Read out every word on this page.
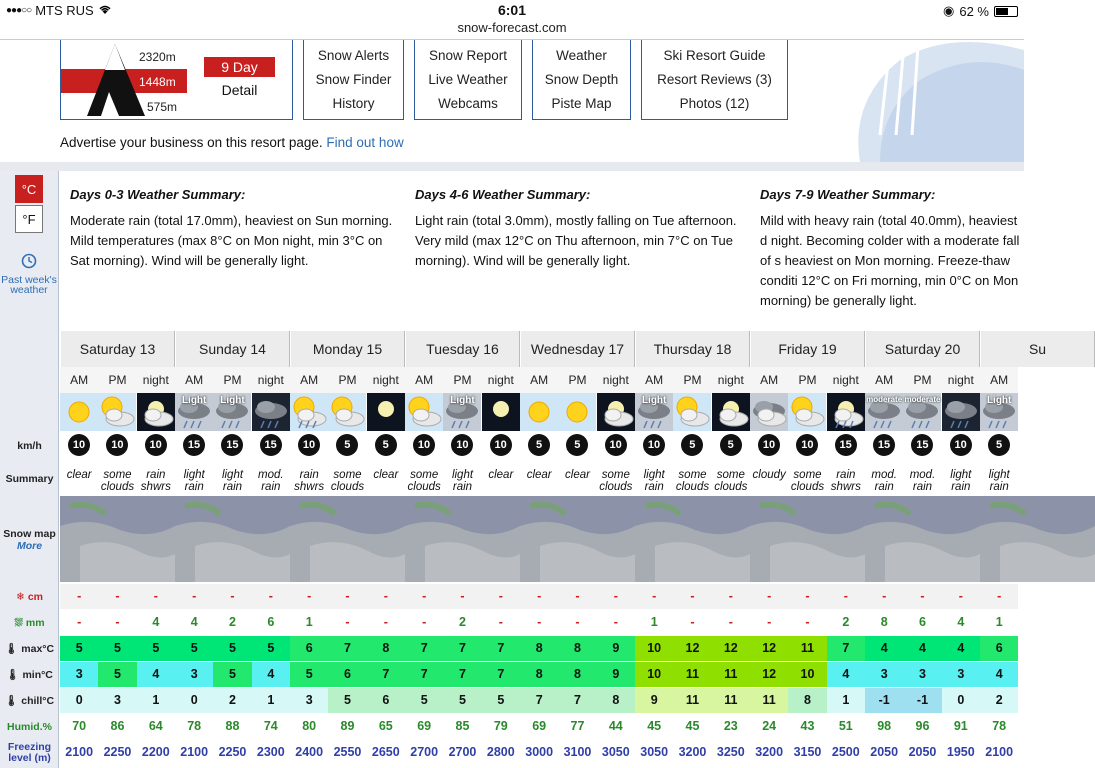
●●●○○ MTS RUS	6:01
snow-forecast.com
◉ 62 %
2320m
1448m
575m
9 Day
Detail
Snow Alerts
Snow Finder
History
Snow Report
Live Weather
Webcams
Weather
Snow Depth
Piste Map
Ski Resort Guide
Resort Reviews (3)
Photos (12)
Advertise your business on this resort page. Find out how
°C
°F
Past week's weather
km/h
Summary
Snow map
More
❄ cm
⛆ mm
🌡 max°C
🌡 min°C
🌡 chill°C
Humid.%
Freezing level (m)
Days 0-3 Weather Summary:

Moderate rain (total 17.0mm), heaviest on Sun morning. Mild temperatures (max 8°C on Mon night, min 3°C on Sat morning). Wind will be generally light.

Days 4-6 Weather Summary:

Light rain (total 3.0mm), mostly falling on Tue afternoon. Very mild (max 12°C on Thu afternoon, min 7°C on Tue morning). Wind will be generally light.

Days 7-9 Weather Summary:

Mild with heavy rain (total 40.0mm), heaviest d night. Becoming colder with a moderate fall of s heaviest on Mon morning. Freeze-thaw conditi 12°C on Fri morning, min 0°C on Mon morning) be generally light.

Saturday 13
AM
10
clear
-
-
5
3
0
70
2100
PM
10
some clouds
-
-
5
5
3
86
2250
night
10
rain shwrs
-
4
5
4
1
64
2200
Sunday 14
AM
Light
15
light rain
-
4
5
3
0
78
2100
PM
Light
15
light rain
-
2
5
5
2
88
2250
night
15
mod. rain
-
6
5
4
1
74
2300
Monday 15
AM
10
rain shwrs
-
1
6
5
3
80
2400
PM
5
some clouds
-
-
7
6
5
89
2550
night
5
clear
-
-
8
7
6
65
2650
Tuesday 16
AM
10
some clouds
-
-
7
7
5
69
2700
PM
Light
10
light rain
-
2
7
7
5
85
2700
night
10
clear
-
-
7
7
5
79
2800
Wednesday 17
AM
5
clear
-
-
8
8
7
69
3000
PM
5
clear
-
-
8
8
7
77
3100
night
10
some clouds
-
-
9
9
8
44
3050
Thursday 18
AM
Light
10
light rain
-
1
10
10
9
45
3050
PM
5
some clouds
-
-
12
11
11
45
3200
night
5
some clouds
-
-
12
11
11
23
3250
Friday 19
AM
10
cloudy
-
-
12
12
11
24
3200
PM
10
some clouds
-
-
11
10
8
43
3150
night
15
rain shwrs
-
2
7
4
1
51
2500
Saturday 20
AM
moderate
15
mod. rain
-
8
4
3
-1
98
2050
PM
moderate
15
mod. rain
-
6
4
3
-1
96
2050
night
10
light rain
-
4
4
3
0
91
1950
Su
AM
Light
5
light rain
-
1
6
4
2
78
2100
